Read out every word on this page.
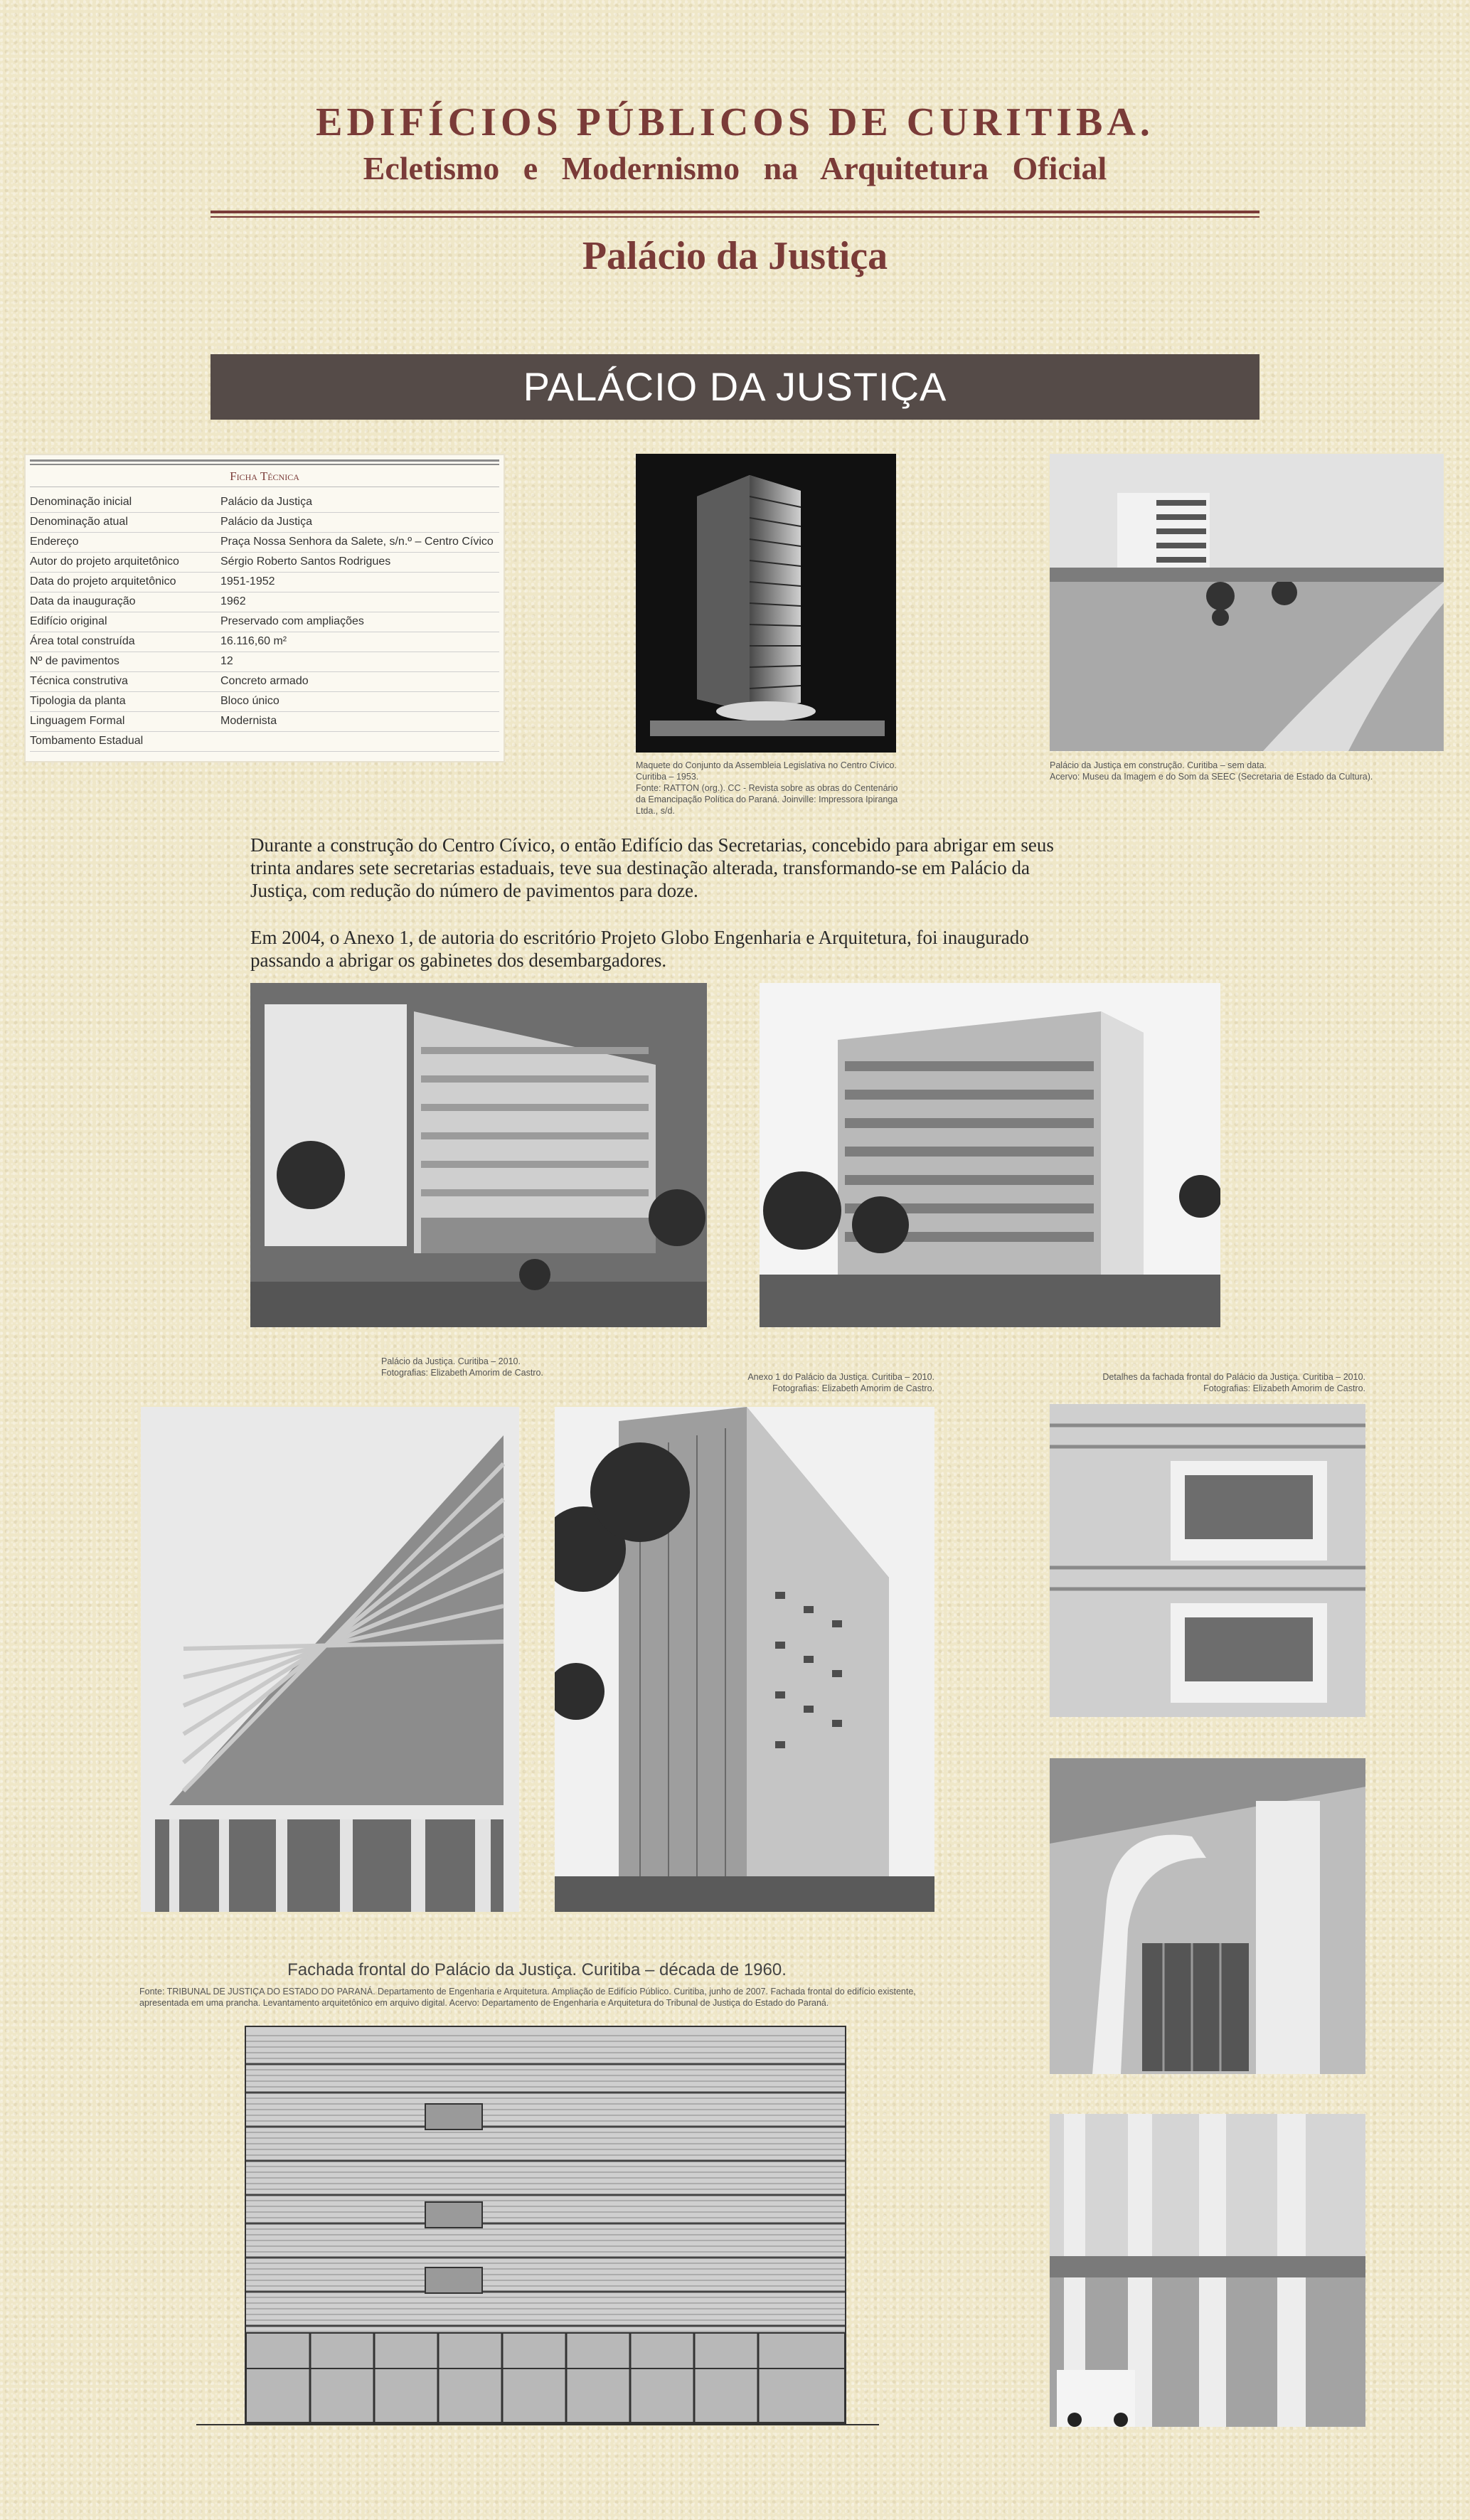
EDIFÍCIOS PÚBLICOS DE CURITIBA.
Ecletismo e Modernismo na Arquitetura Oficial
Palácio da Justiça
PALÁCIO DA JUSTIÇA
Ficha Técnica
Denominação inicial	Palácio da Justiça
Denominação atual	Palácio da Justiça
Endereço	Praça Nossa Senhora da Salete, s/n.º – Centro Cívico
Autor do projeto arquitetônico	Sérgio Roberto Santos Rodrigues
Data do projeto arquitetônico	1951-1952
Data da inauguração	1962
Edifício original	Preservado com ampliações
Área total construída	16.116,60 m²
Nº de pavimentos	12
Técnica construtiva	Concreto armado
Tipologia da planta	Bloco único
Linguagem Formal	Modernista
Tombamento Estadual
Maquete do Conjunto da Assembleia Legislativa no Centro Cívico.
Curitiba – 1953.
Fonte: RATTON (org.). CC - Revista sobre as obras do Centenário
da Emancipação Política do Paraná. Joinville: Impressora Ipiranga
Ltda., s/d.
Palácio da Justiça em construção. Curitiba – sem data.
Acervo: Museu da Imagem e do Som da SEEC (Secretaria de Estado da Cultura).
Durante a construção do Centro Cívico, o então Edifício das Secretarias, concebido para abrigar em seus trinta andares sete secretarias estaduais, teve sua destinação alterada, transformando-se em Palácio da Justiça, com redução do número de pavimentos para doze.
Em 2004, o Anexo 1, de autoria do escritório Projeto Globo Engenharia e Arquitetura, foi inaugurado passando a abrigar os gabinetes dos desembargadores.
Palácio da Justiça. Curitiba – 2010.
Fotografias: Elizabeth Amorim de Castro.	Anexo 1 do Palácio da Justiça. Curitiba – 2010.
Fotografias: Elizabeth Amorim de Castro.
Detalhes da fachada frontal do Palácio da Justiça. Curitiba – 2010.
Fotografias: Elizabeth Amorim de Castro.
Fachada frontal do Palácio da Justiça. Curitiba – década de 1960.
Fonte: TRIBUNAL DE JUSTIÇA DO ESTADO DO PARANÁ. Departamento de Engenharia e Arquitetura. Ampliação de Edifício Público. Curitiba, junho de 2007. Fachada frontal do edifício existente,
apresentada em uma prancha. Levantamento arquitetônico em arquivo digital. Acervo: Departamento de Engenharia e Arquitetura do Tribunal de Justiça do Estado do Paraná.
